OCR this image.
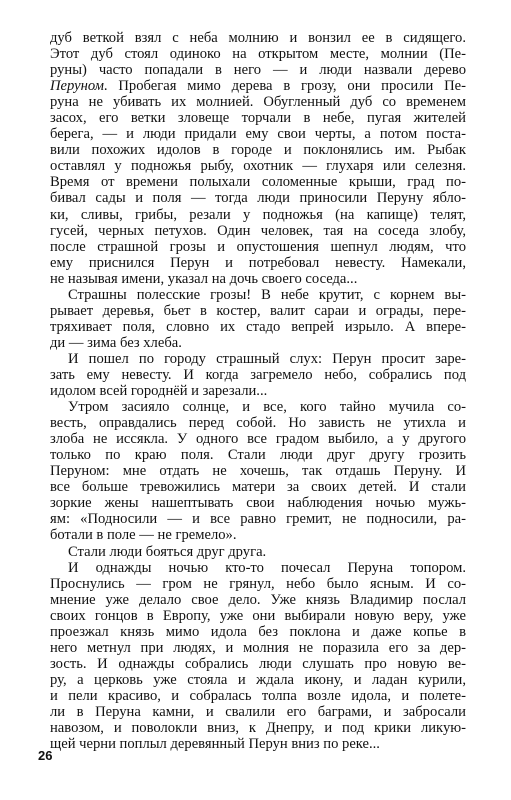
дуб веткой взял с неба молнию и вонзил ее в сидящего.
Этот дуб стоял одиноко на открытом месте, молнии (Пе-
руны) часто попадали в него — и люди назвали дерево
Перуном. Пробегая мимо дерева в грозу, они просили Пе-
руна не убивать их молнией. Обугленный дуб со временем
засох, его ветки зловеще торчали в небе, пугая жителей
берега, — и люди придали ему свои черты, а потом поста-
вили похожих идолов в городе и поклонялись им. Рыбак
оставлял у подножья рыбу, охотник — глухаря или селезня.
Время от времени полыхали соломенные крыши, град по-
бивал сады и поля — тогда люди приносили Перуну ябло-
ки, сливы, грибы, резали у подножья (на капище) телят,
гусей, черных петухов. Один человек, тая на соседа злобу,
после страшной грозы и опустошения шепнул людям, что
ему приснился Перун и потребовал невесту. Намекали,
не называя имени, указал на дочь своего соседа...
Страшны полесские грозы! В небе крутит, с корнем вы-
рывает деревья, бьет в костер, валит сараи и ограды, пере-
тряхивает поля, словно их стадо вепрей изрыло. А впере-
ди — зима без хлеба.
И пошел по городу страшный слух: Перун просит заре-
зать ему невесту. И когда загремело небо, собрались под
идолом всей городнёй и зарезали...
Утром засияло солнце, и все, кого тайно мучила со-
весть, оправдались перед собой. Но зависть не утихла и
злоба не иссякла. У одного все градом выбило, а у другого
только по краю поля. Стали люди друг другу грозить
Перуном: мне отдать не хочешь, так отдашь Перуну. И
все больше тревожились матери за своих детей. И стали
зоркие жены нашептывать свои наблюдения ночью мужь-
ям: «Подносили — и все равно гремит, не подносили, ра-
ботали в поле — не гремело».
Стали люди бояться друг друга.
И однажды ночью кто-то почесал Перуна топором.
Проснулись — гром не грянул, небо было ясным. И со-
мнение уже делало свое дело. Уже князь Владимир послал
своих гонцов в Европу, уже они выбирали новую веру, уже
проезжал князь мимо идола без поклона и даже копье в
него метнул при людях, и молния не поразила его за дер-
зость. И однажды собрались люди слушать про новую ве-
ру, а церковь уже стояла и ждала икону, и ладан курили,
и пели красиво, и собралась толпа возле идола, и полете-
ли в Перуна камни, и свалили его баграми, и забросали
навозом, и поволокли вниз, к Днепру, и под крики ликую-
щей черни поплыл деревянный Перун вниз по реке...
26
